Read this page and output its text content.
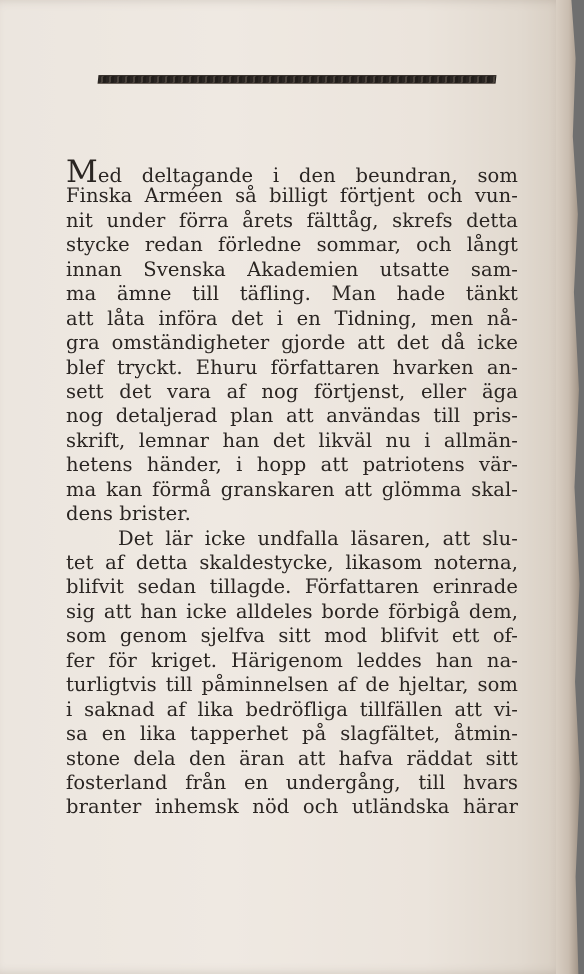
Med deltagande i den beundran, som
Finska Arméen så billigt förtjent och vun-
nit under förra årets fälttåg, skrefs detta
stycke redan förledne sommar, och långt
innan Svenska Akademien utsatte sam-
ma ämne till täfling. Man hade tänkt
att låta införa det i en Tidning, men nå-
gra omständigheter gjorde att det då icke
blef tryckt. Ehuru författaren hvarken an-
sett det vara af nog förtjenst, eller äga
nog detaljerad plan att användas till pris-
skrift, lemnar han det likväl nu i allmän-
hetens händer, i hopp att patriotens vär-
ma kan förmå granskaren att glömma skal-
dens brister.
Det lär icke undfalla läsaren, att slu-
tet af detta skaldestycke, likasom noterna,
blifvit sedan tillagde. Författaren erinrade
sig att han icke alldeles borde förbigå dem,
som genom sjelfva sitt mod blifvit ett of-
fer för kriget. Härigenom leddes han na-
turligtvis till påminnelsen af de hjeltar, som
i saknad af lika bedröfliga tillfällen att vi-
sa en lika tapperhet på slagfältet, åtmin-
stone dela den äran att hafva räddat sitt
fosterland från en undergång, till hvars
branter inhemsk nöd och utländska härar
